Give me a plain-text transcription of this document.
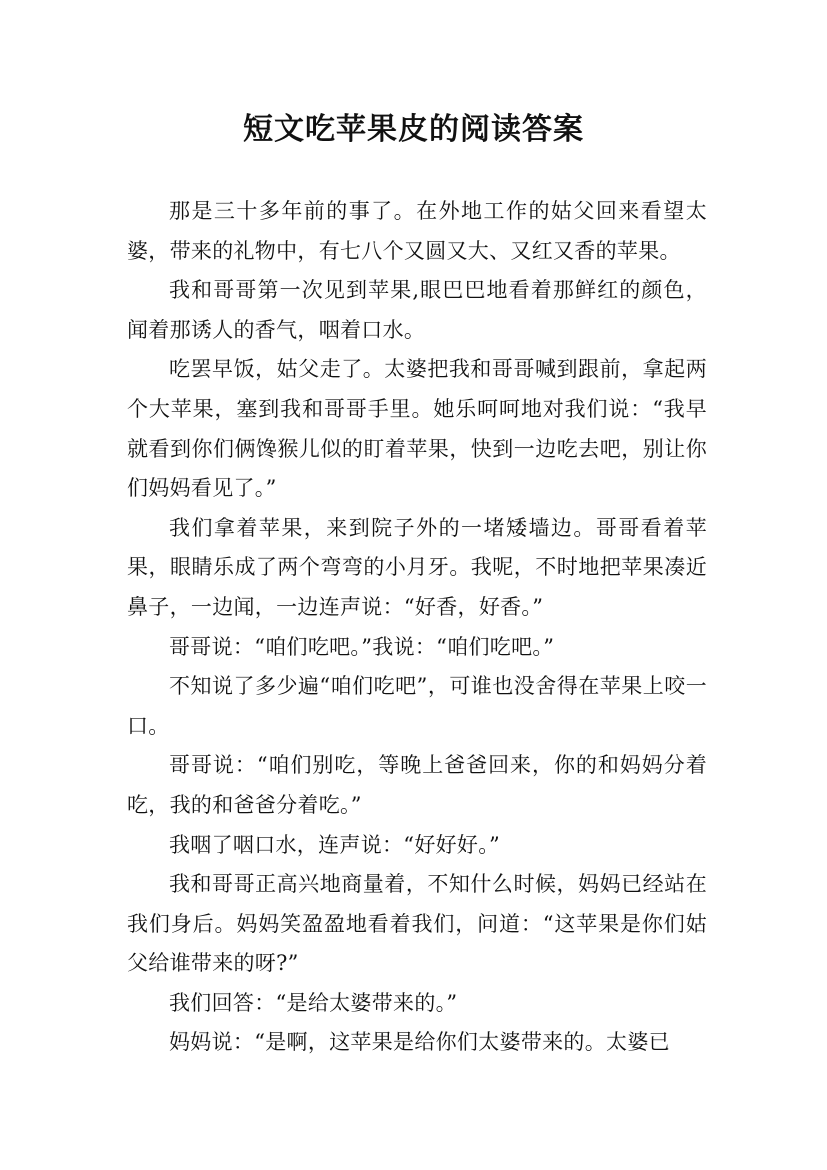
短文吃苹果皮的阅读答案

那是三十多年前的事了。在外地工作的姑父回来看望太婆，带来的礼物中，有七八个又圆又大、又红又香的苹果。

我和哥哥第一次见到苹果,眼巴巴地看着那鲜红的颜色，闻着那诱人的香气，咽着口水。

吃罢早饭，姑父走了。太婆把我和哥哥喊到跟前，拿起两个大苹果，塞到我和哥哥手里。她乐呵呵地对我们说：“我早就看到你们俩馋猴儿似的盯着苹果，快到一边吃去吧，别让你们妈妈看见了。”

我们拿着苹果，来到院子外的一堵矮墙边。哥哥看着苹果，眼睛乐成了两个弯弯的小月牙。我呢，不时地把苹果凑近鼻子，一边闻，一边连声说：“好香，好香。”

哥哥说：“咱们吃吧。”我说：“咱们吃吧。”

不知说了多少遍“咱们吃吧”，可谁也没舍得在苹果上咬一口。

哥哥说：“咱们别吃，等晚上爸爸回来，你的和妈妈分着吃，我的和爸爸分着吃。”

我咽了咽口水，连声说：“好好好。”

我和哥哥正高兴地商量着，不知什么时候，妈妈已经站在我们身后。妈妈笑盈盈地看着我们，问道：“这苹果是你们姑父给谁带来的呀?”

我们回答：“是给太婆带来的。”

妈妈说：“是啊，这苹果是给你们太婆带来的。太婆已
